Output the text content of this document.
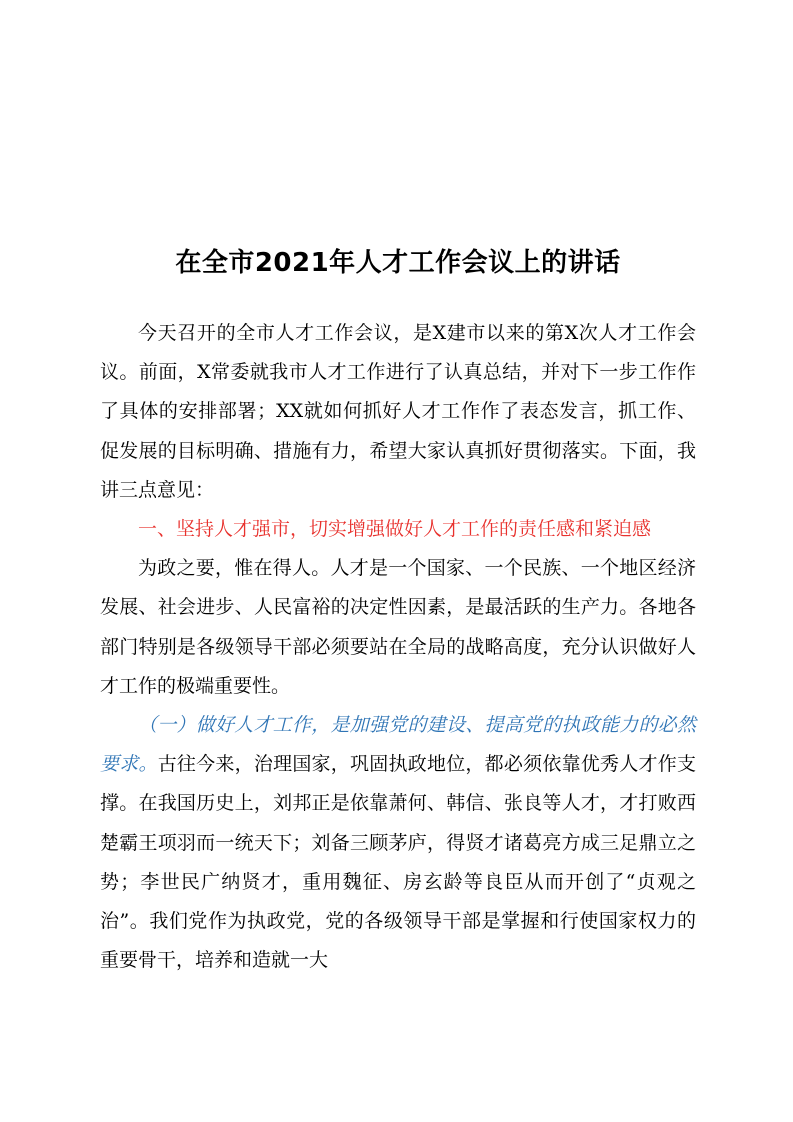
在全市2021年人才工作会议上的讲话

今天召开的全市人才工作会议，是X建市以来的第X次人才工作会议。前面，X常委就我市人才工作进行了认真总结，并对下一步工作作了具体的安排部署；XX就如何抓好人才工作作了表态发言，抓工作、促发展的目标明确、措施有力，希望大家认真抓好贯彻落实。下面，我讲三点意见：

一、坚持人才强市，切实增强做好人才工作的责任感和紧迫感

为政之要，惟在得人。人才是一个国家、一个民族、一个地区经济发展、社会进步、人民富裕的决定性因素，是最活跃的生产力。各地各部门特别是各级领导干部必须要站在全局的战略高度，充分认识做好人才工作的极端重要性。

（一）做好人才工作，是加强党的建设、提高党的执政能力的必然要求。古往今来，治理国家，巩固执政地位，都必须依靠优秀人才作支撑。在我国历史上，刘邦正是依靠萧何、韩信、张良等人才，才打败西楚霸王项羽而一统天下；刘备三顾茅庐，得贤才诸葛亮方成三足鼎立之势；李世民广纳贤才，重用魏征、房玄龄等良臣从而开创了“贞观之治”。我们党作为执政党，党的各级领导干部是掌握和行使国家权力的重要骨干，培养和造就一大
